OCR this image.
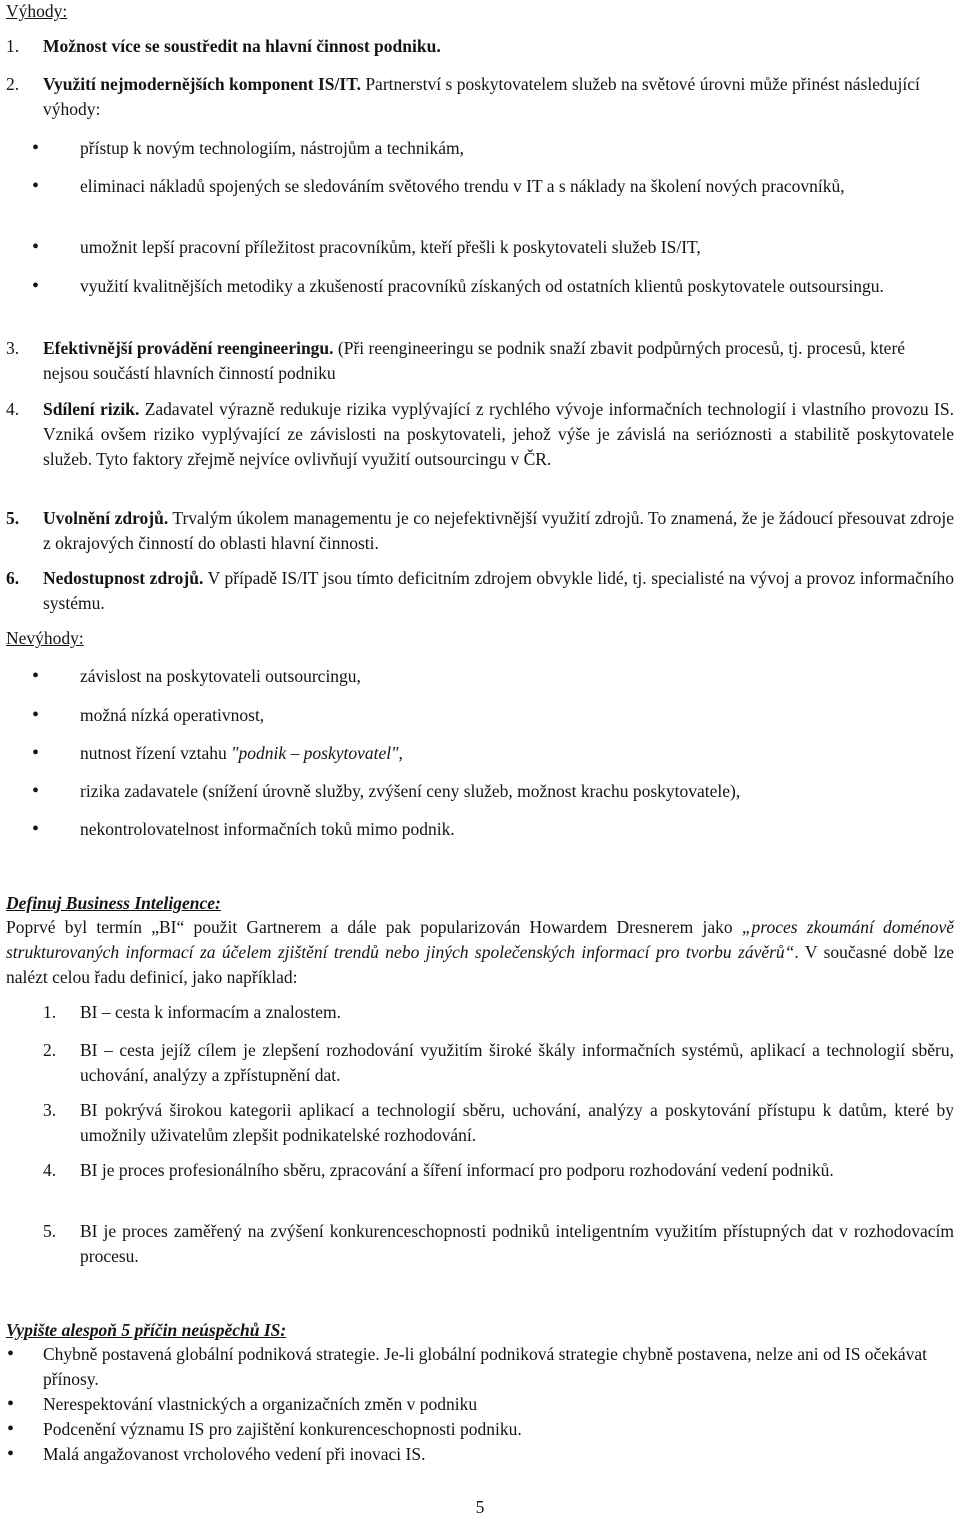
Výhody:
1. Možnost více se soustředit na hlavní činnost podniku.
2. Využití nejmodernějších komponent IS/IT. Partnerství s poskytovatelem služeb na světové úrovni může přinést následující výhody:
•
přístup k novým technologiím, nástrojům a technikám,
•
eliminaci nákladů spojených se sledováním světového trendu v IT a s náklady na školení nových pracovníků,
•
umožnit lepší pracovní příležitost pracovníkům, kteří přešli k poskytovateli služeb IS/IT,
•
využití kvalitnějších metodiky a zkušeností pracovníků získaných od ostatních klientů poskytovatele outsoursingu.
3. Efektivnější provádění reengineeringu. (Při reengineeringu se podnik snaží zbavit podpůrných procesů, tj. procesů, které nejsou součástí hlavních činností podniku
4. Sdílení rizik. Zadavatel výrazně redukuje rizika vyplývající z rychlého vývoje informačních technologií i vlastního provozu IS. Vzniká ovšem riziko vyplývající ze závislosti na poskytovateli, jehož výše je závislá na serióznosti a stabilitě poskytovatele služeb. Tyto faktory zřejmě nejvíce ovlivňují využití outsourcingu v ČR.
5. Uvolnění zdrojů. Trvalým úkolem managementu je co nejefektivnější využití zdrojů. To znamená, že je žádoucí přesouvat zdroje z okrajových činností do oblasti hlavní činnosti.
6. Nedostupnost zdrojů. V případě IS/IT jsou tímto deficitním zdrojem obvykle lidé, tj. specialisté na vývoj a provoz informačního systému.
Nevýhody:
•
závislost na poskytovateli outsourcingu,
•
možná nízká operativnost,
•
nutnost řízení vztahu "podnik – poskytovatel",
•
rizika zadavatele (snížení úrovně služby, zvýšení ceny služeb, možnost krachu poskytovatele),
•
nekontrolovatelnost informačních toků mimo podnik.
Definuj Business Inteligence:
Poprvé byl termín „BI“ použit Gartnerem a dále pak popularizován Howardem Dresnerem jako „proces zkoumání doménově strukturovaných informací za účelem zjištění trendů nebo jiných společenských informací pro tvorbu závěrů“. V současné době lze nalézt celou řadu definicí, jako například:
1. BI – cesta k informacím a znalostem.
2. BI – cesta jejíž cílem je zlepšení rozhodování využitím široké škály informačních systémů, aplikací a technologií sběru, uchování, analýzy a zpřístupnění dat.
3. BI pokrývá širokou kategorii aplikací a technologií sběru, uchování, analýzy a poskytování přístupu k datům, které by umožnily uživatelům zlepšit podnikatelské rozhodování.
4. BI je proces profesionálního sběru, zpracování a šíření informací pro podporu rozhodování vedení podniků.
5. BI je proces zaměřený na zvýšení konkurenceschopnosti podniků inteligentním využitím přístupných dat v rozhodovacím procesu.
Vypište alespoň 5 příčin neúspěchů IS:
•
Chybně postavená globální podniková strategie. Je-li globální podniková strategie chybně postavena, nelze ani od IS očekávat přínosy.
•
Nerespektování vlastnických a organizačních změn v podniku
•
Podcenění významu IS pro zajištění konkurenceschopnosti podniku.
•
Malá angažovanost vrcholového vedení při inovaci IS.
5
